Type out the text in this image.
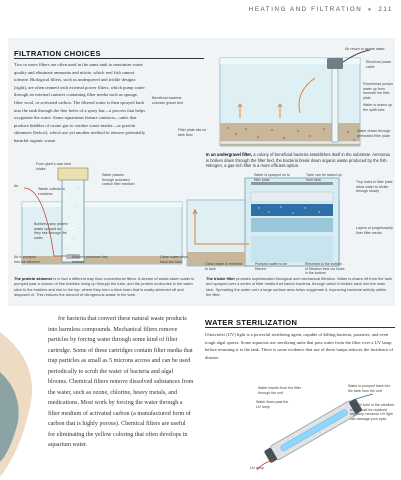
HEATING AND FILTRATION ● 211
FILTRATION CHOICES
Two or more filters are often used in the same tank to maximize water quality and eliminate ammonia and nitrite, which reef fish cannot tolerate. Biological filters, such as undergravel and trickle designs (right), are often teamed with external power filters, which pump water through an external canister containing filter media such as sponge, filter wool, or activated carbon. The filtered water is then sprayed back into the tank through the fine holes of a spray bar—a process that helps oxygenate the water. Some aquariums feature canisters—units that produce bubbles of ozone gas to oxidize waste matter—or protein skimmers (below), which use yet another method to remove potentially harmful organic waste.
Beneficial bacteria colonize gravel bed
Filter plate sits on tank floor
Air return to aerate water
Electrical power cable
Powerhead pumps water up from beneath the filter plate
Water is drawn up the uplift tube
Water drawn through perforated filter plate
In an undergravel filter, a colony of beneficial bacteria establishes itself in the substrate. Ammonia is broken down through the filter bed, the bacteria break down organic waste produced by the fish. Nitrogen, a gas-rich filter is a more efficient option.
From giant's own tube intake
Air
Waste collects in container
Bubbles carry protein waste upward as they rise through the water
Air is pumped into the skimmer
Airstone produces tiny bubbles
Water passes through activated carbon filter medium
Water is sprayed on to filter plate
Tube can be raised up from tank
Tiny holes in filter plate allow water to trickle through slowly
Layers of progressively finer filter media
Clean water drips back into tank
Clean water is returned to tank
Pumped water to be filtered
Returned to the bottom of filtration tank via holes in the bottom
The protein skimmer is in fact a different way than conventional filters. A stream of waste-laden water is pumped past a column of fine bubbles rising up through the tube, and the protein molecules in the water stick to the bubbles and rise to the top, where they form a thick foam that is easily skimmed off and disposed of. This reduces the amount of nitrogenous waste in the tank.
The trickle filter provides sophisticated biological and mechanical filtration. Water is drawn off from the tank and sprayed over a series of filter media that harbor bacteria, through which it trickles back into the main tank. Spreading the water over a large surface area helps oxygenate it, improving bacterial activity within the filter.
for bacteria that convert these natural waste products into harmless compounds. Mechanical filters remove particles by forcing water through some kind of filter cartridge. Some of these cartridges contain filter media that trap particles as small as 5 microns across and can be used periodically to scrub the water of bacteria and algal blooms. Chemical filters remove dissolved substances from the water, such as ozone, chlorine, heavy metals, and medications. Most work by forcing the water through a filter medium of activated carbon (a manufactured form of carbon that is highly porous). Chemical filters are useful for eliminating the yellow coloring that often develops in aquarium water.
WATER STERILIZATION
Ultraviolet (UV) light is a powerful sterilizing agent, capable of killing bacteria, parasites, and even tough algal spores. Some aquarists use sterilizing units that pass water from the filter over a UV lamp before returning it to the tank. There is some evidence that use of these lamps reduces the incidence of disease.
Water travels from the filter through the unit
Water flows past the UV lamp
Water is pumped back into the tank from the unit
The UV tube in the sterilizer unit should be replaced regularly, because UV light can damage your eyes
UV lamp
